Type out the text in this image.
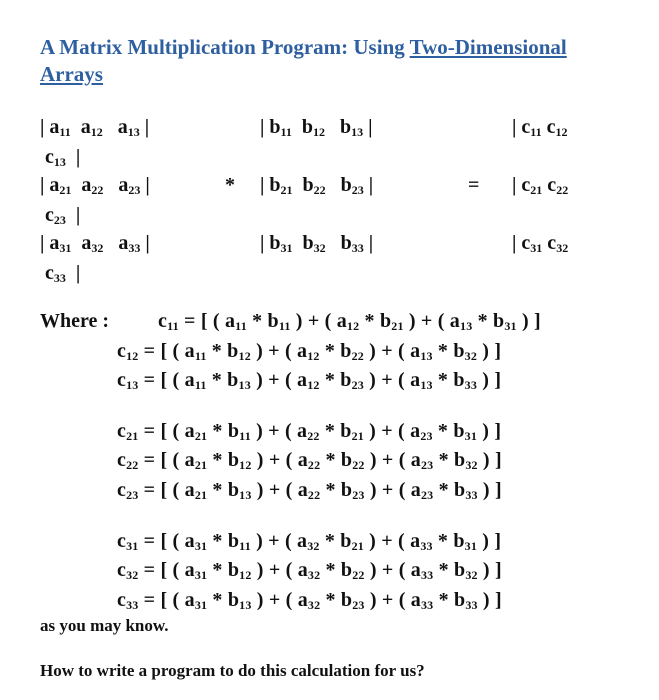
A Matrix Multiplication Program: Using Two-Dimensional Arrays
| $a_{11}$ $a_{12}$ $a_{13}$ |	| $b_{11}$ $b_{12}$ $b_{13}$ |	| $c_{11}$ $c_{12}$
$c_{13}$  |
| $a_{21}$ $a_{22}$ $a_{23}$ |	* | $b_{21}$ $b_{22}$ $b_{23}$ |	= | $c_{21}$ $c_{22}$
$c_{23}$  |
| $a_{31}$ $a_{32}$ $a_{33}$ |	| $b_{31}$ $b_{32}$ $b_{33}$ |	| $c_{31}$ $c_{32}$
$c_{33}$  |
Where : $c_{11}$ = [ ( $a_{11} * b_{11}$ ) + ( $a_{12} * b_{21}$ ) + ( $a_{13} * b_{31}$ ) ]
$c_{12}$ = [ ( $a_{11} * b_{12}$ ) + ( $a_{12} * b_{22}$ ) + ( $a_{13} * b_{32}$ ) ]
$c_{13}$ = [ ( $a_{11} * b_{13}$ ) + ( $a_{12} * b_{23}$ ) + ( $a_{13} * b_{33}$ ) ]
$c_{21}$ = [ ( $a_{21} * b_{11}$ ) + ( $a_{22} * b_{21}$ ) + ( $a_{23} * b_{31}$ ) ]
$c_{22}$ = [ ( $a_{21} * b_{12}$ ) + ( $a_{22} * b_{22}$ ) + ( $a_{23} * b_{32}$ ) ]
$c_{23}$ = [ ( $a_{21} * b_{13}$ ) + ( $a_{22} * b_{23}$ ) + ( $a_{23} * b_{33}$ ) ]
$c_{31}$ = [ ( $a_{31} * b_{11}$ ) + ( $a_{32} * b_{21}$ ) + ( $a_{33} * b_{31}$ ) ]
$c_{32}$ = [ ( $a_{31} * b_{12}$ ) + ( $a_{32} * b_{22}$ ) + ( $a_{33} * b_{32}$ ) ]
$c_{33}$ = [ ( $a_{31} * b_{13}$ ) + ( $a_{32} * b_{23}$ ) + ( $a_{33} * b_{33}$ ) ]
as you may know.
How to write a program to do this calculation for us?
